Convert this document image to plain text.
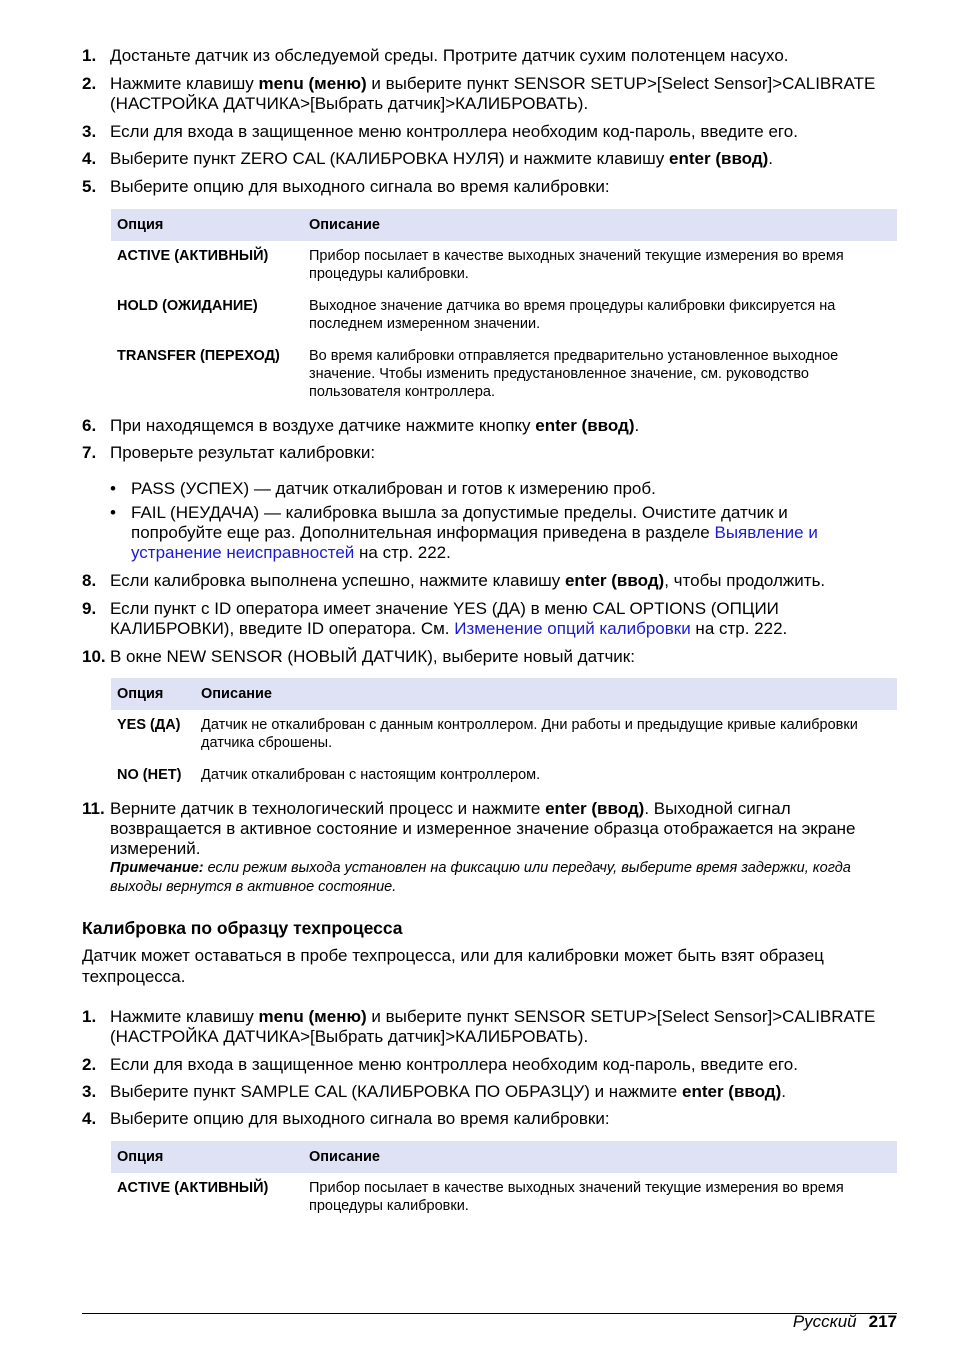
1. Достаньте датчик из обследуемой среды. Протрите датчик сухим полотенцем насухо.
2. Нажмите клавишу menu (меню) и выберите пункт SENSOR SETUP>[Select Sensor]>CALIBRATE (НАСТРОЙКА ДАТЧИКА>[Выбрать датчик]>КАЛИБРОВАТЬ).
3. Если для входа в защищенное меню контроллера необходим код-пароль, введите его.
4. Выберите пункт ZERO CAL (КАЛИБРОВКА НУЛЯ) и нажмите клавишу enter (ввод).
5. Выберите опцию для выходного сигнала во время калибровки:
Опция	Описание
ACTIVE (АКТИВНЫЙ)	Прибор посылает в качестве выходных значений текущие измерения во время процедуры калибровки.
HOLD (ОЖИДАНИЕ)	Выходное значение датчика во время процедуры калибровки фиксируется на последнем измеренном значении.
TRANSFER (ПЕРЕХОД)	Во время калибровки отправляется предварительно установленное выходное значение. Чтобы изменить предустановленное значение, см. руководство пользователя контроллера.
6. При находящемся в воздухе датчике нажмите кнопку enter (ввод).
7. Проверьте результат калибровки:
• PASS (УСПЕХ) — датчик откалиброван и готов к измерению проб.
• FAIL (НЕУДАЧА) — калибровка вышла за допустимые пределы. Очистите датчик и попробуйте еще раз. Дополнительная информация приведена в разделе Выявление и устранение неисправностей на стр. 222.
8. Если калибровка выполнена успешно, нажмите клавишу enter (ввод), чтобы продолжить.
9. Если пункт с ID оператора имеет значение YES (ДА) в меню CAL OPTIONS (ОПЦИИ КАЛИБРОВКИ), введите ID оператора. См. Изменение опций калибровки на стр. 222.
10. В окне NEW SENSOR (НОВЫЙ ДАТЧИК), выберите новый датчик:
Опция	Описание
YES (ДА)	Датчик не откалиброван с данным контроллером. Дни работы и предыдущие кривые калибровки датчика сброшены.
NO (НЕТ)	Датчик откалиброван с настоящим контроллером.
11. Верните датчик в технологический процесс и нажмите enter (ввод). Выходной сигнал возвращается в активное состояние и измеренное значение образца отображается на экране измерений.
Примечание: если режим выхода установлен на фиксацию или передачу, выберите время задержки, когда выходы вернутся в активное состояние.
Калибровка по образцу техпроцесса
Датчик может оставаться в пробе техпроцесса, или для калибровки может быть взят образец техпроцесса.
1. Нажмите клавишу menu (меню) и выберите пункт SENSOR SETUP>[Select Sensor]>CALIBRATE (НАСТРОЙКА ДАТЧИКА>[Выбрать датчик]>КАЛИБРОВАТЬ).
2. Если для входа в защищенное меню контроллера необходим код-пароль, введите его.
3. Выберите пункт SAMPLE CAL (КАЛИБРОВКА ПО ОБРАЗЦУ) и нажмите enter (ввод).
4. Выберите опцию для выходного сигнала во время калибровки:
Опция	Описание
ACTIVE (АКТИВНЫЙ)	Прибор посылает в качестве выходных значений текущие измерения во время процедуры калибровки.
Русский 217
